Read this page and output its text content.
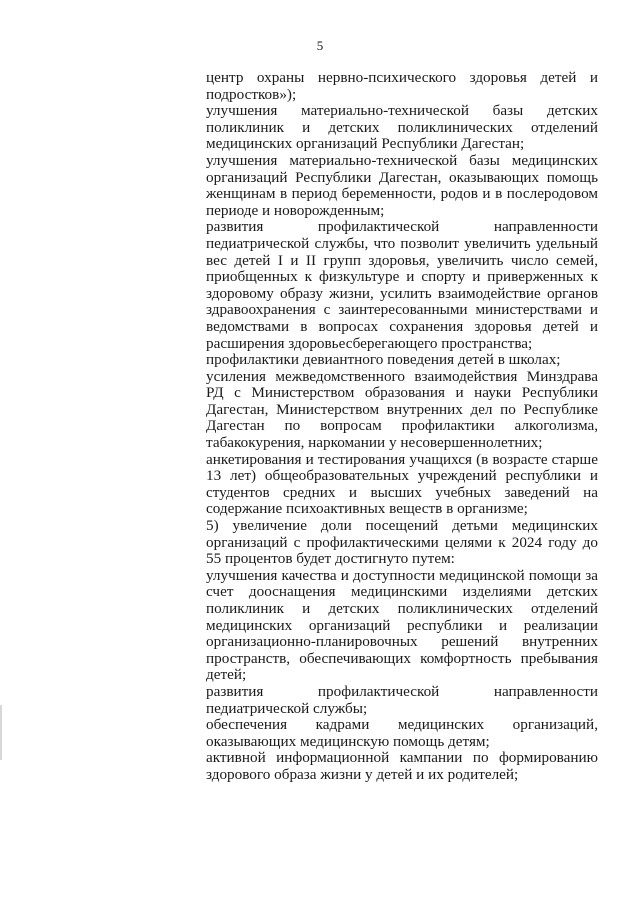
5

центр охраны нервно-психического здоровья детей и подростков»);

улучшения материально-технической базы детских поликлиник и детских поликлинических отделений медицинских организаций Республики Дагестан;

улучшения материально-технической базы медицинских организаций Республики Дагестан, оказывающих помощь женщинам в период беременности, родов и в послеродовом периоде и новорожденным;

развития профилактической направленности педиатрической службы, что позволит увеличить удельный вес детей I и II групп здоровья, увеличить число семей, приобщенных к физкультуре и спорту и приверженных к здоровому образу жизни, усилить взаимодействие органов здравоохранения с заинтересованными министерствами и ведомствами в вопросах сохранения здоровья детей и расширения здоровьесберегающего пространства;

профилактики девиантного поведения детей в школах;

усиления межведомственного взаимодействия Минздрава РД с Министерством образования и науки Республики Дагестан, Министерством внутренних дел по Республике Дагестан по вопросам профилактики алкоголизма, табакокурения, наркомании у несовершеннолетних;

анкетирования и тестирования учащихся (в возрасте старше 13 лет) общеобразовательных учреждений республики и студентов средних и высших учебных заведений на содержание психоактивных веществ в организме;

5) увеличение доли посещений детьми медицинских организаций с профилактическими целями к 2024 году до 55 процентов будет достигнуто путем:

улучшения качества и доступности медицинской помощи за счет дооснащения медицинскими изделиями детских поликлиник и детских поликлинических отделений медицинских организаций республики и реализации организационно-планировочных решений внутренних пространств, обеспечивающих комфортность пребывания детей;

развития профилактической направленности педиатрической службы;

обеспечения кадрами медицинских организаций, оказывающих медицинскую помощь детям;

активной информационной кампании по формированию здорового образа жизни у детей и их родителей;
